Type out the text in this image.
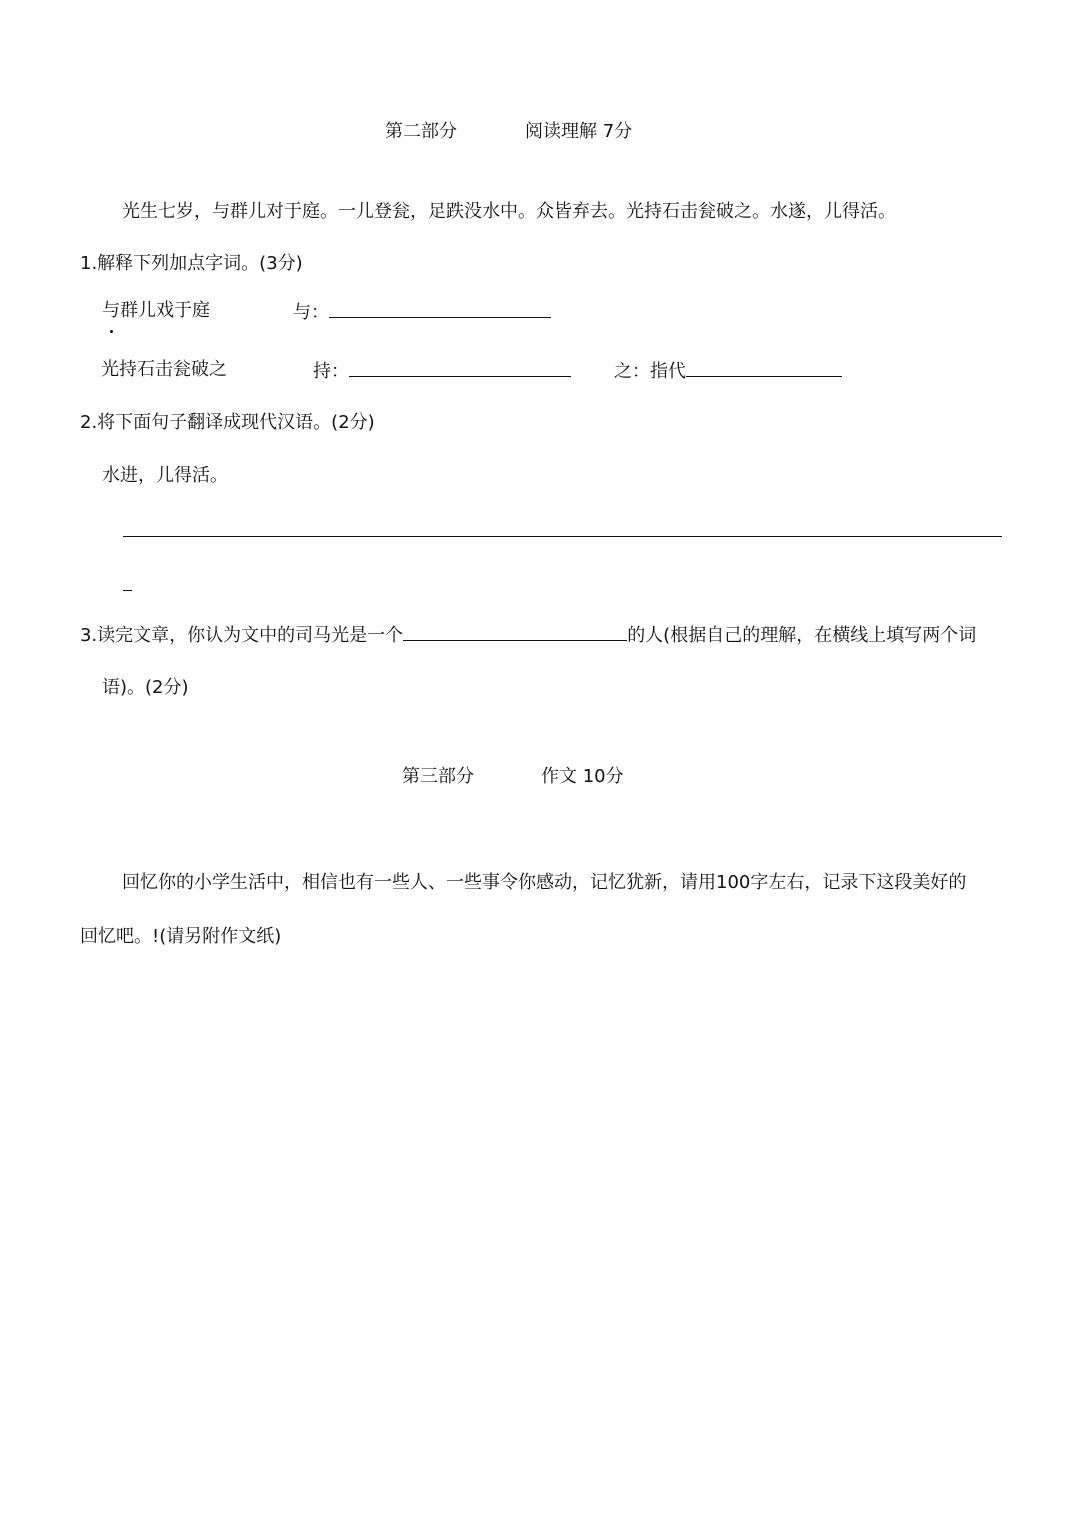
第二部分	阅读理解 7分
光生七岁，与群儿对于庭。一儿登瓮，足跌没水中。众皆弃去。光持石击瓮破之。水遂，儿得活。
1.解释下列加点字词。(3分)
与群儿戏于庭	与：
光持石击瓮破之	持：	之：指代
2.将下面句子翻译成现代汉语。(2分)
水进，儿得活。
3.读完文章，你认为文中的司马光是一个	的人(根据自己的理解，在横线上填写两个词
语)。(2分)
第三部分	作文 10分
回忆你的小学生活中，相信也有一些人、一些事令你感动，记忆犹新，请用100字左右，记录下这段美好的
回忆吧。!(请另附作文纸)
